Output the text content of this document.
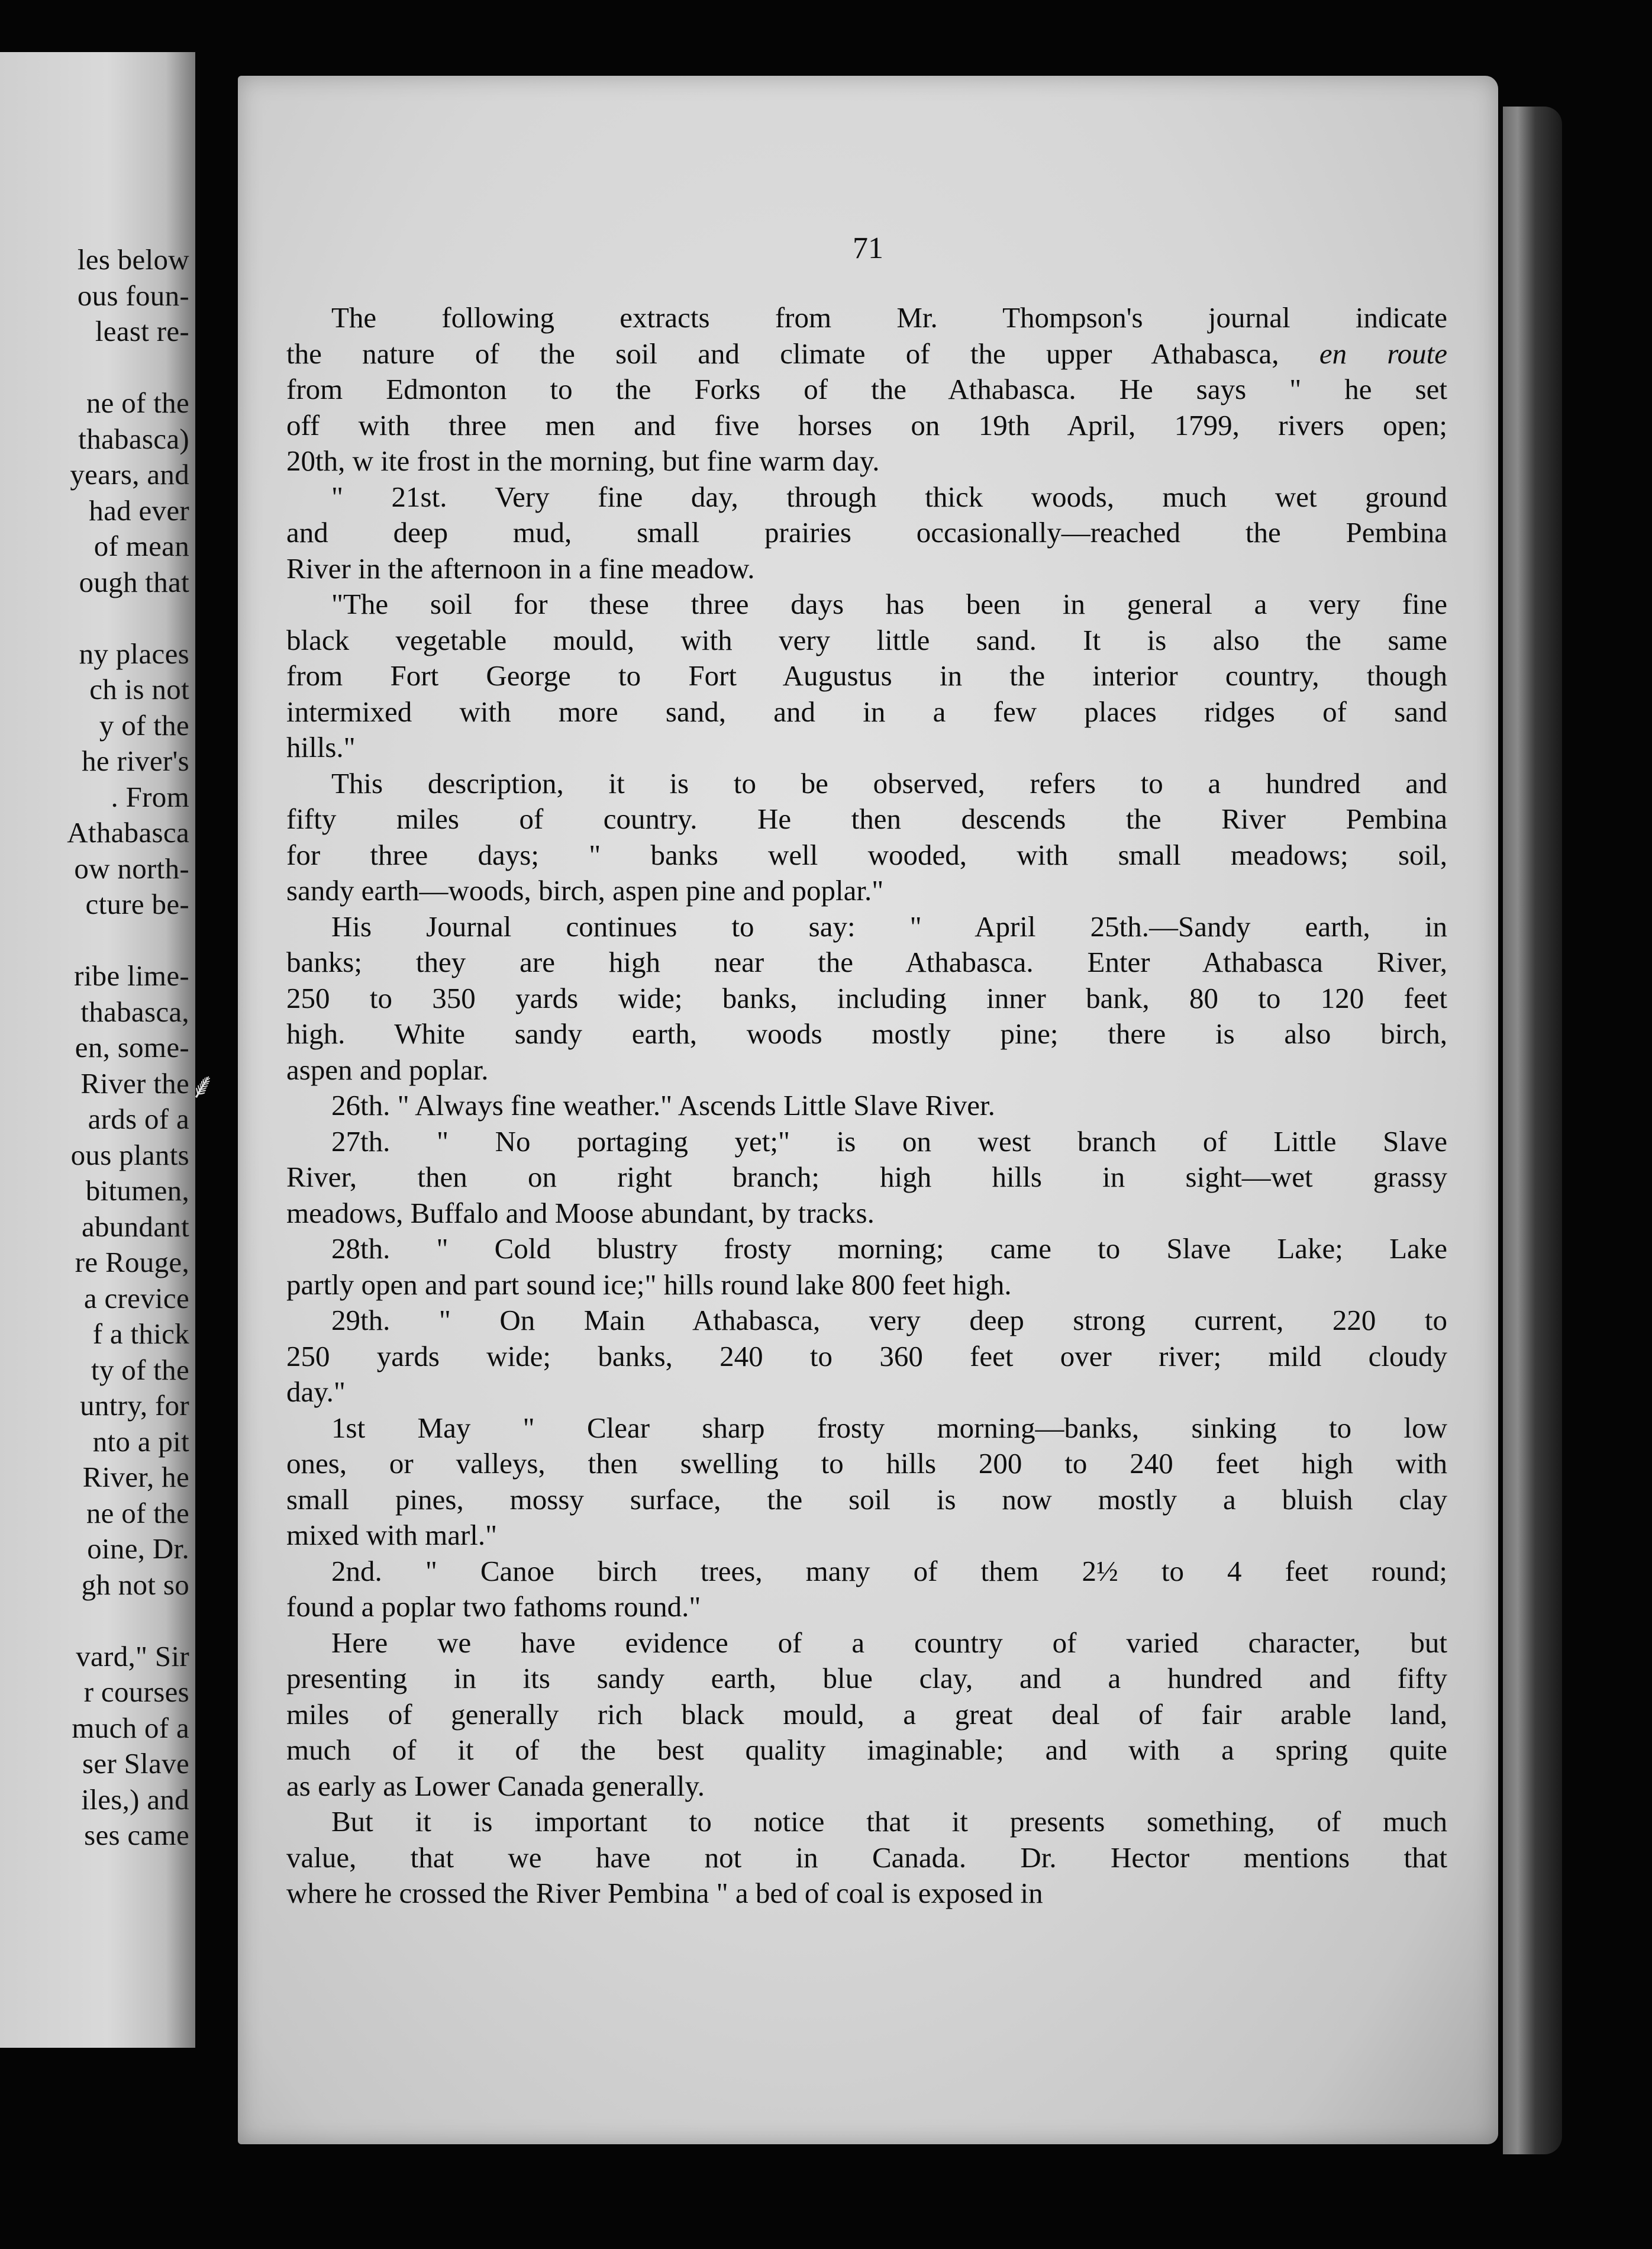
les below
ous foun-
least re-
ne of the
thabasca)
years, and
had ever
of mean
ough that
ny places
ch is not
y of the
he river's
. From
Athabasca
ow north-
cture be-
ribe lime-
thabasca,
en, some-
River the
ards of a
ous plants
bitumen,
abundant
re Rouge,
a crevice
f a thick
ty of the
untry, for
nto a pit
River, he
ne of the
oine, Dr.
gh not so
vard," Sir
r courses
much of a
ser Slave
iles,) and
ses came
⸙
71
The following extracts from Mr. Thompson's journal indicate
the nature of the soil and climate of the upper Athabasca, en route
from Edmonton to the Forks of the Athabasca. He says " he set
off with three men and five horses on 19th April, 1799, rivers open;
20th, w ite frost in the morning, but fine warm day.
" 21st. Very fine day, through thick woods, much wet ground
and deep mud, small prairies occasionally—reached the Pembina
River in the afternoon in a fine meadow.
"The soil for these three days has been in general a very fine
black vegetable mould, with very little sand. It is also the same
from Fort George to Fort Augustus in the interior country, though
intermixed with more sand, and in a few places ridges of sand
hills."
This description, it is to be observed, refers to a hundred and
fifty miles of country. He then descends the River Pembina
for three days; " banks well wooded, with small meadows; soil,
sandy earth—woods, birch, aspen pine and poplar."
His Journal continues to say: " April 25th.—Sandy earth, in
banks; they are high near the Athabasca. Enter Athabasca River,
250 to 350 yards wide; banks, including inner bank, 80 to 120 feet
high. White sandy earth, woods mostly pine; there is also birch,
aspen and poplar.
26th. " Always fine weather." Ascends Little Slave River.
27th. " No portaging yet;" is on west branch of Little Slave
River, then on right branch; high hills in sight—wet grassy
meadows, Buffalo and Moose abundant, by tracks.
28th. " Cold blustry frosty morning; came to Slave Lake; Lake
partly open and part sound ice;" hills round lake 800 feet high.
29th. " On Main Athabasca, very deep strong current, 220 to
250 yards wide; banks, 240 to 360 feet over river; mild cloudy
day."
1st May " Clear sharp frosty morning—banks, sinking to low
ones, or valleys, then swelling to hills 200 to 240 feet high with
small pines, mossy surface, the soil is now mostly a bluish clay
mixed with marl."
2nd. " Canoe birch trees, many of them 2½ to 4 feet round;
found a poplar two fathoms round."
Here we have evidence of a country of varied character, but
presenting in its sandy earth, blue clay, and a hundred and fifty
miles of generally rich black mould, a great deal of fair arable land,
much of it of the best quality imaginable; and with a spring quite
as early as Lower Canada generally.
But it is important to notice that it presents something, of much
value, that we have not in Canada. Dr. Hector mentions that
where he crossed the River Pembina " a bed of coal is exposed in
